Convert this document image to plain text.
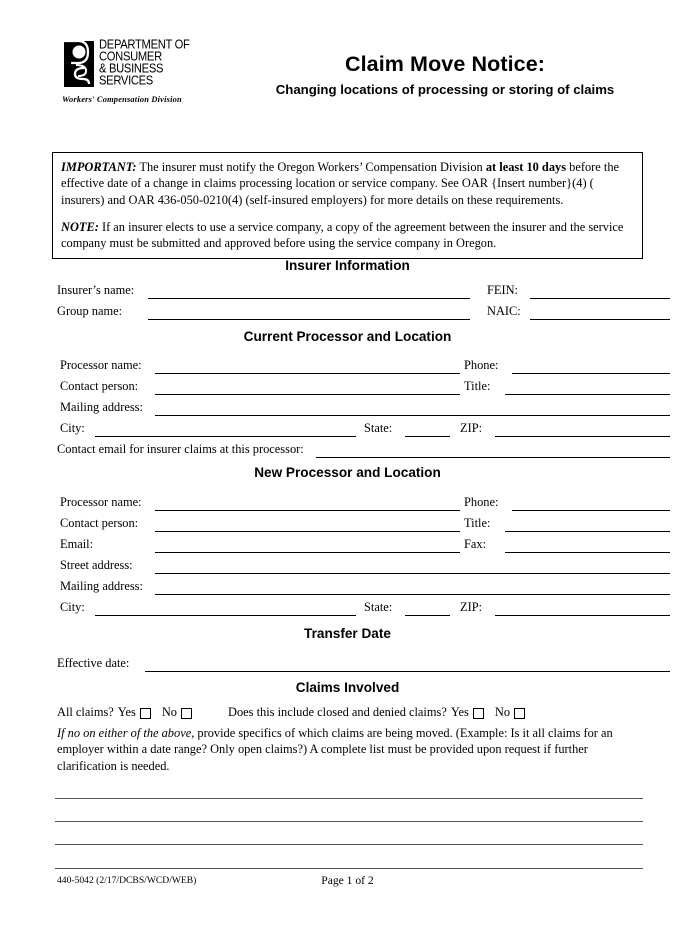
DEPARTMENT OF
CONSUMER
& BUSINESS
SERVICES
Workers' Compensation Division
Claim Move Notice:
Changing locations of processing or storing of claims

IMPORTANT: The insurer must notify the Oregon Workers’ Compensation Division at least 10 days before the effective date of a change in claims processing location or service company. See OAR {Insert number}(4) ( insurers) and OAR 436-050-0210(4) (self-insured employers) for more details on these requirements.

NOTE: If an insurer elects to use a service company, a copy of the agreement between the insurer and the service company must be submitted and approved before using the service company in Oregon.

Insurer Information
Insurer’s name:	FEIN:
Group name:	NAIC:
Current Processor and Location
Processor name:	Phone:
Contact person:	Title:
Mailing address:
City:	State:	ZIP:
Contact email for insurer claims at this processor:
New Processor and Location
Processor name:	Phone:
Contact person:	Title:
Email:	Fax:
Street address:
Mailing address:
City:	State:	ZIP:
Transfer Date
Effective date:
Claims Involved
All claims? Yes No	Does this include closed and denied claims? Yes No
If no on either of the above, provide specifics of which claims are being moved. (Example: Is it all claims for an employer within a date range? Only open claims?) A complete list must be provided upon request if further clarification is needed.
440-5042 (2/17/DCBS/WCD/WEB)	Page 1 of 2
